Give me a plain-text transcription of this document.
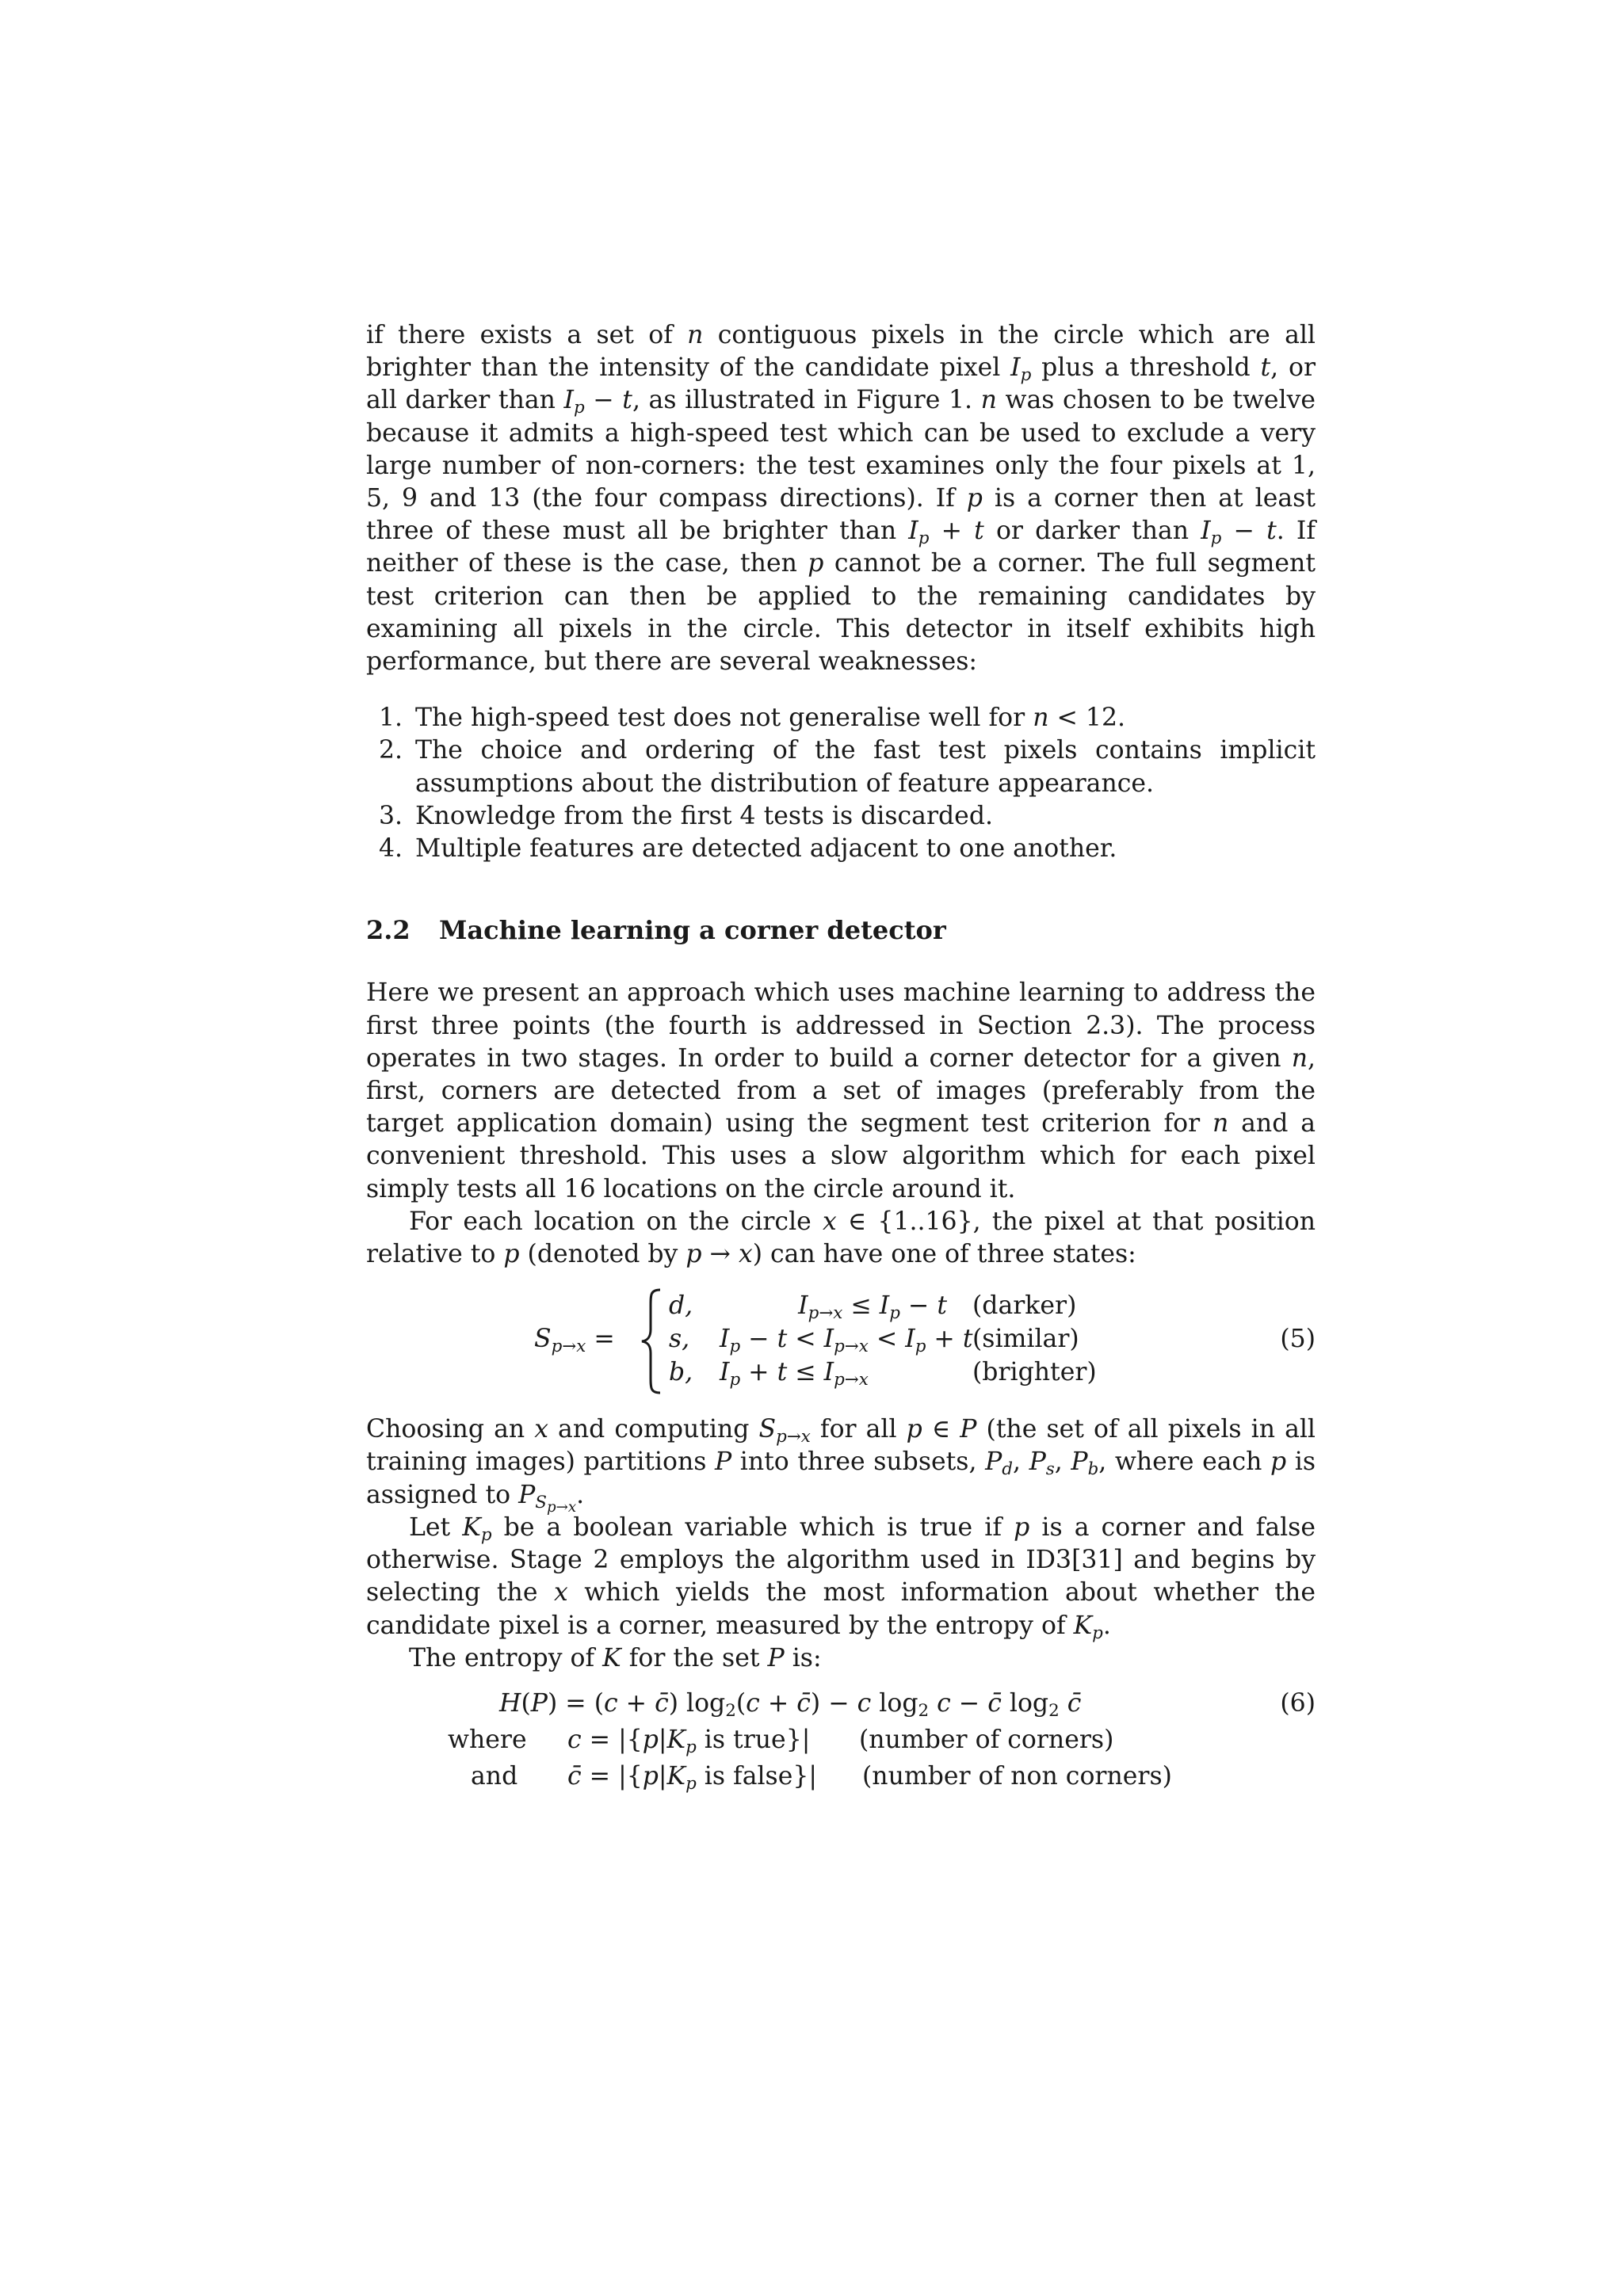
if there exists a set of n contiguous pixels in the circle which are all brighter than the intensity of the candidate pixel $I_p$ plus a threshold t, or all darker than $I_p - t$, as illustrated in Figure 1. n was chosen to be twelve because it admits a high-speed test which can be used to exclude a very large number of non-corners: the test examines only the four pixels at 1, 5, 9 and 13 (the four compass directions). If p is a corner then at least three of these must all be brighter than $I_p + t$ or darker than $I_p - t$. If neither of these is the case, then p cannot be a corner. The full segment test criterion can then be applied to the remaining candidates by examining all pixels in the circle. This detector in itself exhibits high performance, but there are several weaknesses:

1. The high-speed test does not generalise well for n < 12.
2. The choice and ordering of the fast test pixels contains implicit assumptions about the distribution of feature appearance.
3. Knowledge from the first 4 tests is discarded.
4. Multiple features are detected adjacent to one another.
2.2 Machine learning a corner detector

Here we present an approach which uses machine learning to address the first three points (the fourth is addressed in Section 2.3). The process operates in two stages. In order to build a corner detector for a given n, first, corners are detected from a set of images (preferably from the target application domain) using the segment test criterion for n and a convenient threshold. This uses a slow algorithm which for each pixel simply tests all 16 locations on the circle around it.

For each location on the circle x ∈ {1..16}, the pixel at that position relative to p (denoted by p → x) can have one of three states:

$S_{p\to x}$ =
d,
s,
b,
$I_{p\to x} \le I_p - t$
$I_p - t < I_{p\to x} < I_p + t$
$I_p + t \le I_{p\to x}$
(darker)
(similar)
(brighter)
(5)

Choosing an x and computing $S_{p\to x}$ for all p ∈ P (the set of all pixels in all training images) partitions P into three subsets, $P_d$, $P_s$, $P_b$, where each p is assigned to $P_{S_{p\to x}}$.

Let $K_p$ be a boolean variable which is true if p is a corner and false otherwise. Stage 2 employs the algorithm used in ID3[31] and begins by selecting the x which yields the most information about whether the candidate pixel is a corner, measured by the entropy of $K_p$.

The entropy of K for the set P is:

H(P) = (c + c̄) $\log_2(c$ + c̄) − c $\log_2 c$ − c̄ $\log_2$ c̄	(6)
where $c = |\{p|K_p$ is true}| (number of corners)
and c̄ = $|\{p|K_p$ is false}| (number of non corners)
